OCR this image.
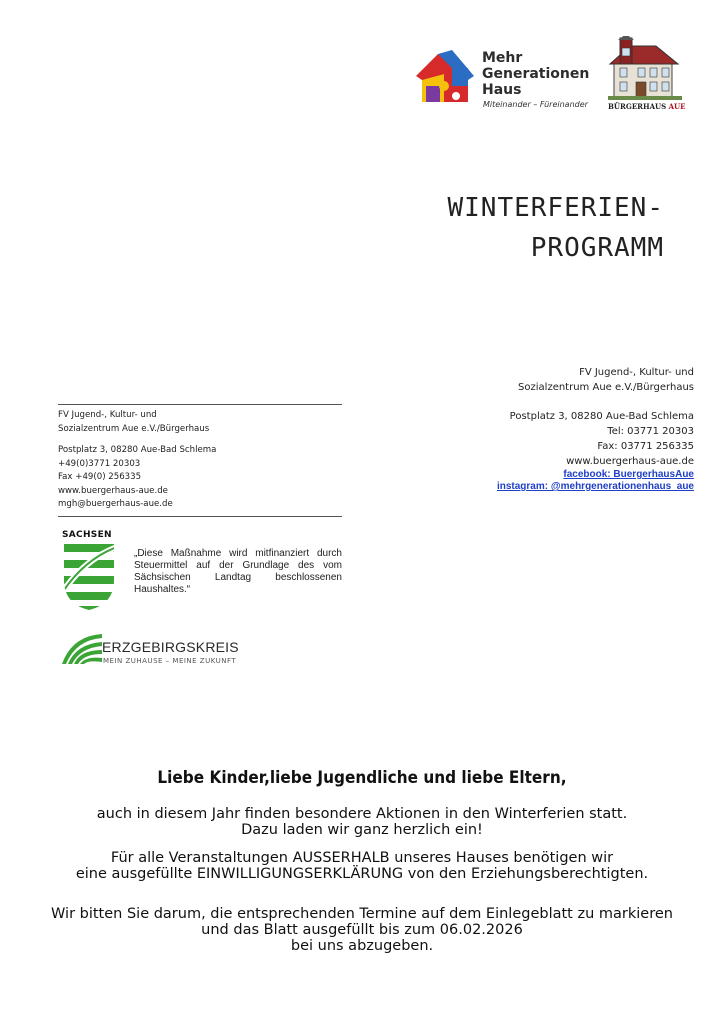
Mehr
Generationen
Haus
Miteinander – Füreinander	BÜRGERHAUS AUE
WINTERFERIEN-
PROGRAMM
FV Jugend-, Kultur- und
Sozialzentrum Aue e.V./Bürgerhaus
Postplatz 3, 08280 Aue-Bad Schlema
Tel: 03771 20303
Fax: 03771 256335
www.buergerhaus-aue.de
facebook: BuergerhausAue
instagram: @mehrgenerationenhaus_aue
FV Jugend-, Kultur- und
Sozialzentrum Aue e.V./Bürgerhaus
Postplatz 3, 08280 Aue-Bad Schlema
+49(0)3771 20303
Fax +49(0) 256335
www.buergerhaus-aue.de
mgh@buergerhaus-aue.de
SACHSEN
„Diese Maßnahme wird mitfinanziert durch Steuermittel auf der Grundlage des vom Sächsischen Landtag beschlossenen Haushaltes.“
ERZGEBIRGSKREIS
MEIN ZUHAUSE – MEINE ZUKUNFT
Liebe Kinder,liebe Jugendliche und liebe Eltern,
auch in diesem Jahr finden besondere Aktionen in den Winterferien statt.
Dazu laden wir ganz herzlich ein!
Für alle Veranstaltungen AUSSERHALB unseres Hauses benötigen wir
eine ausgefüllte EINWILLIGUNGSERKLÄRUNG von den Erziehungsberechtigten.
Wir bitten Sie darum, die entsprechenden Termine auf dem Einlegeblatt zu markieren
und das Blatt ausgefüllt bis zum 06.02.2026
bei uns abzugeben.
